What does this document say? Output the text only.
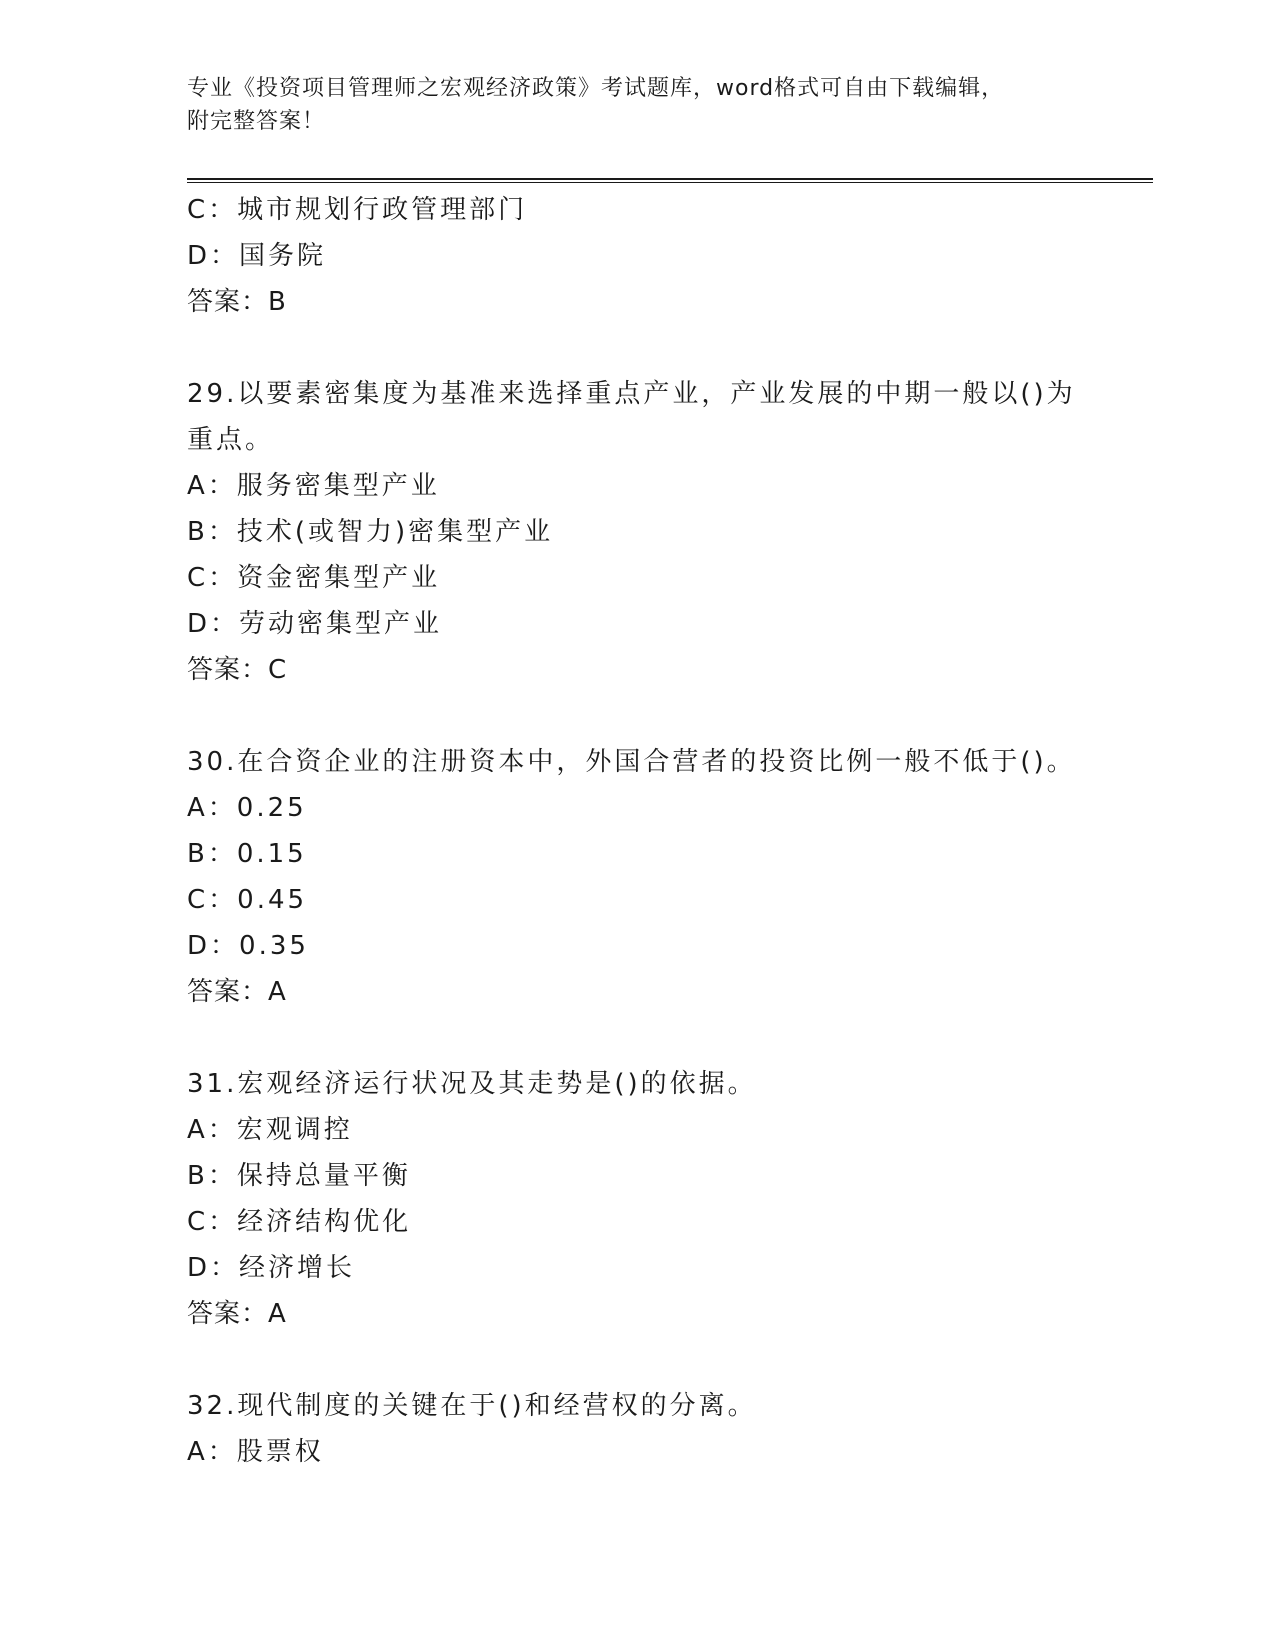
专业《投资项目管理师之宏观经济政策》考试题库，word格式可自由下载编辑，
附完整答案！
C：城市规划行政管理部门
D：国务院
答案：B
29.以要素密集度为基准来选择重点产业，产业发展的中期一般以()为重点。
A：服务密集型产业
B：技术(或智力)密集型产业
C：资金密集型产业
D：劳动密集型产业
答案：C
30.在合资企业的注册资本中，外国合营者的投资比例一般不低于()。
A：0.25
B：0.15
C：0.45
D：0.35
答案：A
31.宏观经济运行状况及其走势是()的依据。
A：宏观调控
B：保持总量平衡
C：经济结构优化
D：经济增长
答案：A
32.现代制度的关键在于()和经营权的分离。
A：股票权
